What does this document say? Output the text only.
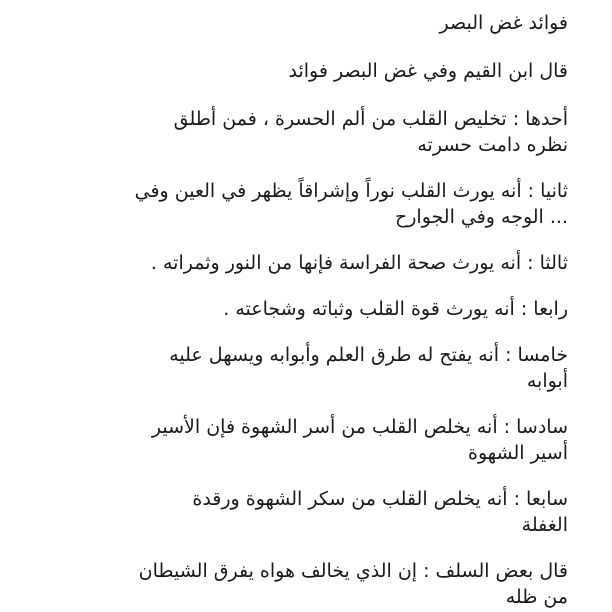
فوائد غض البصر
قال ابن القيم وفي غض البصر فوائد
أحدها : تخليص القلب من ألم الحسرة ، فمن أطلق
نظره دامت حسرته
ثانيا : أنه يورث القلب نوراً وإشراقاً يظهر في العين وفي
... الوجه وفي الجوارح
ثالثا : أنه يورث صحة الفراسة فإنها من النور وثمراته .
رابعا : أنه يورث قوة القلب وثباته وشجاعته .
خامسا : أنه يفتح له طرق العلم وأبوابه ويسهل عليه
أبوابه
سادسا : أنه يخلص القلب من أسر الشهوة فإن الأسير
أسير الشهوة
سابعا : أنه يخلص القلب من سكر الشهوة ورقدة
الغفلة
قال بعض السلف : إن الذي يخالف هواه يفرق الشيطان
من ظله
